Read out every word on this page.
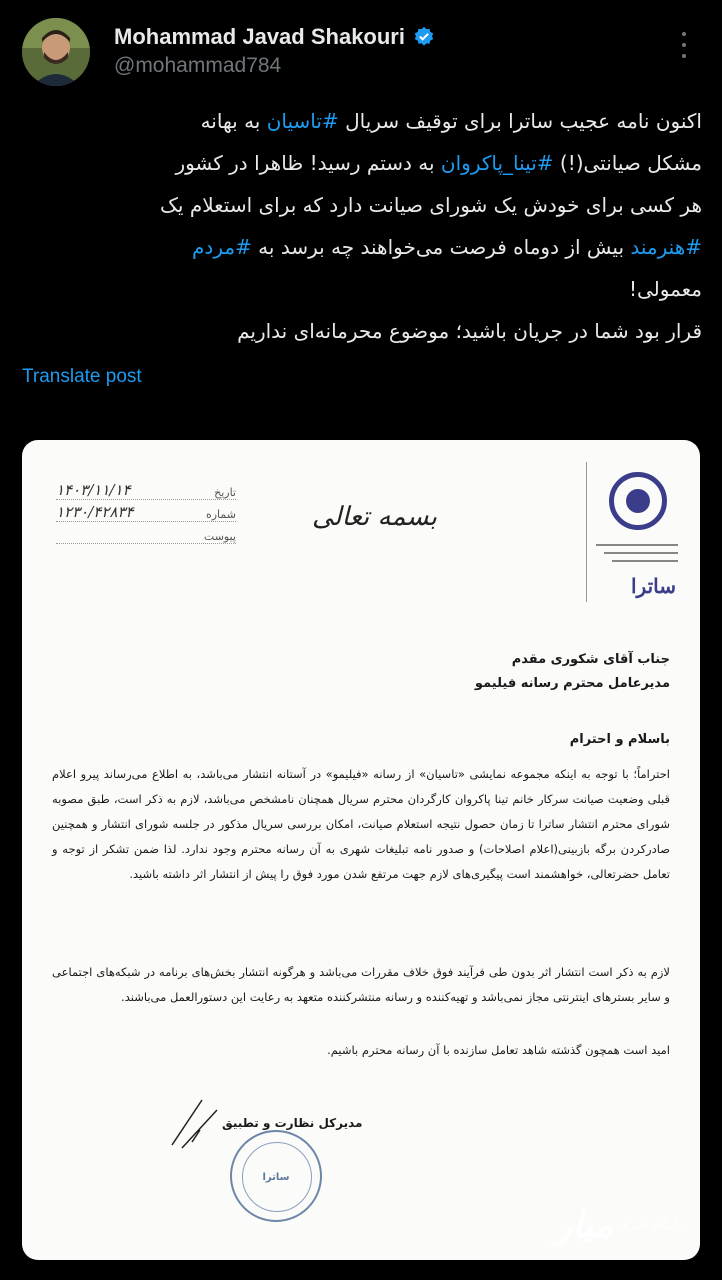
Mohammad Javad Shakouri
@mohammad784
اکنون نامه عجیب ساترا برای توقیف سریال #تاسیان به بهانه
مشکل صیانتی(!) #تینا_پاکروان به دستم رسید! ظاهرا در کشور
هر کسی برای خودش یک شورای صیانت دارد که برای استعلام یک
#هنرمند بیش از دوماه فرصت می‌خواهند چه برسد به #مردم
معمولی!
قرار بود شما در جریان باشید؛ موضوع محرمانه‌ای نداریم
Translate post
ساترا
بسمه تعالی
تاریخ
۱۴۰۳/۱۱/۱۴
شماره
۱۲۳۰/۴۲۸۳۴
پیوست
جناب آقای شکوری مقدم
مدیرعامل محترم رسانه فیلیمو
باسلام و احترام
احتراماً؛ با توجه به اینکه مجموعه نمایشی «تاسیان» از رسانه «فیلیمو» در آستانه انتشار می‌باشد، به اطلاع می‌رساند پیرو اعلام قبلی وضعیت صیانت سرکار خانم تینا پاکروان کارگردان محترم سریال همچنان نامشخص می‌باشد، لازم به ذکر است، طبق مصوبه شورای محترم انتشار ساترا تا زمان حصول نتیجه استعلام صیانت، امکان بررسی سریال مذکور در جلسه شورای انتشار و همچنین صادرکردن برگه بازبینی(اعلام اصلاحات) و صدور نامه تبلیغات شهری به آن رسانه محترم وجود ندارد. لذا ضمن تشکر از توجه و تعامل حضرتعالی، خواهشمند است پیگیری‌های لازم جهت مرتفع شدن مورد فوق را پیش از انتشار اثر داشته باشید.
لازم به ذکر است انتشار اثر بدون طی فرآیند فوق خلاف مقررات می‌باشد و هرگونه انتشار بخش‌های برنامه در شبکه‌های اجتماعی و سایر بسترهای اینترنتی مجاز نمی‌باشد و تهیه‌کننده و رسانه منتشرکننده متعهد به رعایت این دستورالعمل می‌باشند.
امید است همچون گذشته شاهد تعامل سازنده با آن رسانه محترم باشیم.
مدیرکل نظارت و تطبیق
ساترا
پایگاه خبری
میار
